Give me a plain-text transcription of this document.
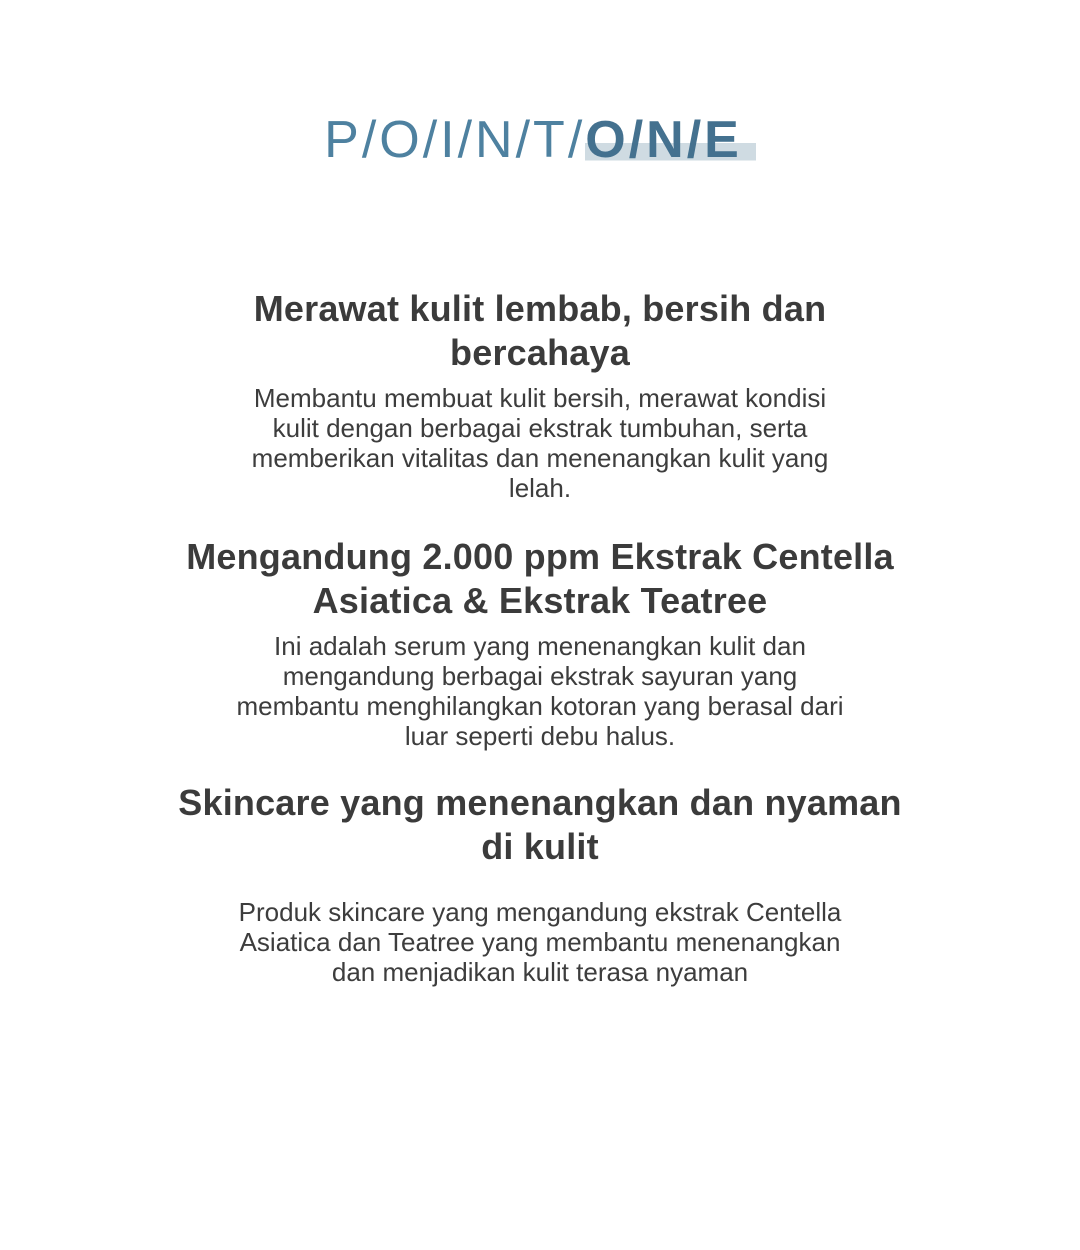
P/O/I/N/T/O/N/E
Merawat kulit lembab, bersih dan
bercahaya
Membantu membuat kulit bersih, merawat kondisi
kulit dengan berbagai ekstrak tumbuhan, serta
memberikan vitalitas dan menenangkan kulit yang
lelah.
Mengandung 2.000 ppm Ekstrak Centella
Asiatica & Ekstrak Teatree
Ini adalah serum yang menenangkan kulit dan
mengandung berbagai ekstrak sayuran yang
membantu menghilangkan kotoran yang berasal dari
luar seperti debu halus.
Skincare yang menenangkan dan nyaman
di kulit
Produk skincare yang mengandung ekstrak Centella
Asiatica dan Teatree yang membantu menenangkan
dan menjadikan kulit terasa nyaman
